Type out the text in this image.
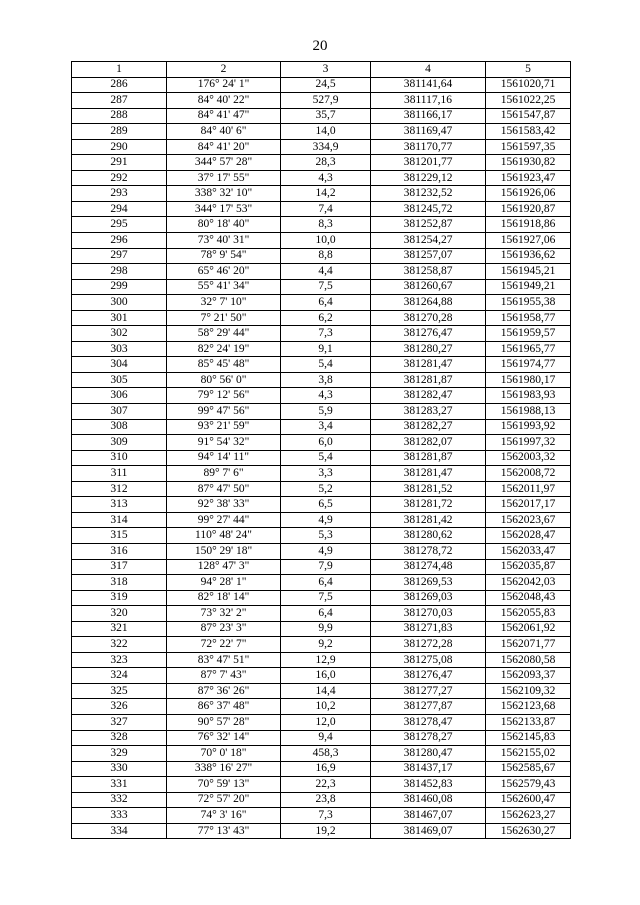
20
1	2	3	4	5
286	176° 24' 1"	24,5	381141,64	1561020,71
287	84° 40' 22"	527,9	381117,16	1561022,25
288	84° 41' 47"	35,7	381166,17	1561547,87
289	84° 40' 6"	14,0	381169,47	1561583,42
290	84° 41' 20"	334,9	381170,77	1561597,35
291	344° 57' 28"	28,3	381201,77	1561930,82
292	37° 17' 55"	4,3	381229,12	1561923,47
293	338° 32' 10"	14,2	381232,52	1561926,06
294	344° 17' 53"	7,4	381245,72	1561920,87
295	80° 18' 40"	8,3	381252,87	1561918,86
296	73° 40' 31"	10,0	381254,27	1561927,06
297	78° 9' 54"	8,8	381257,07	1561936,62
298	65° 46' 20"	4,4	381258,87	1561945,21
299	55° 41' 34"	7,5	381260,67	1561949,21
300	32° 7' 10"	6,4	381264,88	1561955,38
301	7° 21' 50"	6,2	381270,28	1561958,77
302	58° 29' 44"	7,3	381276,47	1561959,57
303	82° 24' 19"	9,1	381280,27	1561965,77
304	85° 45' 48"	5,4	381281,47	1561974,77
305	80° 56' 0"	3,8	381281,87	1561980,17
306	79° 12' 56"	4,3	381282,47	1561983,93
307	99° 47' 56"	5,9	381283,27	1561988,13
308	93° 21' 59"	3,4	381282,27	1561993,92
309	91° 54' 32"	6,0	381282,07	1561997,32
310	94° 14' 11"	5,4	381281,87	1562003,32
311	89° 7' 6"	3,3	381281,47	1562008,72
312	87° 47' 50"	5,2	381281,52	1562011,97
313	92° 38' 33"	6,5	381281,72	1562017,17
314	99° 27' 44"	4,9	381281,42	1562023,67
315	110° 48' 24"	5,3	381280,62	1562028,47
316	150° 29' 18"	4,9	381278,72	1562033,47
317	128° 47' 3"	7,9	381274,48	1562035,87
318	94° 28' 1"	6,4	381269,53	1562042,03
319	82° 18' 14"	7,5	381269,03	1562048,43
320	73° 32' 2"	6,4	381270,03	1562055,83
321	87° 23' 3"	9,9	381271,83	1562061,92
322	72° 22' 7"	9,2	381272,28	1562071,77
323	83° 47' 51"	12,9	381275,08	1562080,58
324	87° 7' 43"	16,0	381276,47	1562093,37
325	87° 36' 26"	14,4	381277,27	1562109,32
326	86° 37' 48"	10,2	381277,87	1562123,68
327	90° 57' 28"	12,0	381278,47	1562133,87
328	76° 32' 14"	9,4	381278,27	1562145,83
329	70° 0' 18"	458,3	381280,47	1562155,02
330	338° 16' 27"	16,9	381437,17	1562585,67
331	70° 59' 13"	22,3	381452,83	1562579,43
332	72° 57' 20"	23,8	381460,08	1562600,47
333	74° 3' 16"	7,3	381467,07	1562623,27
334	77° 13' 43"	19,2	381469,07	1562630,27
